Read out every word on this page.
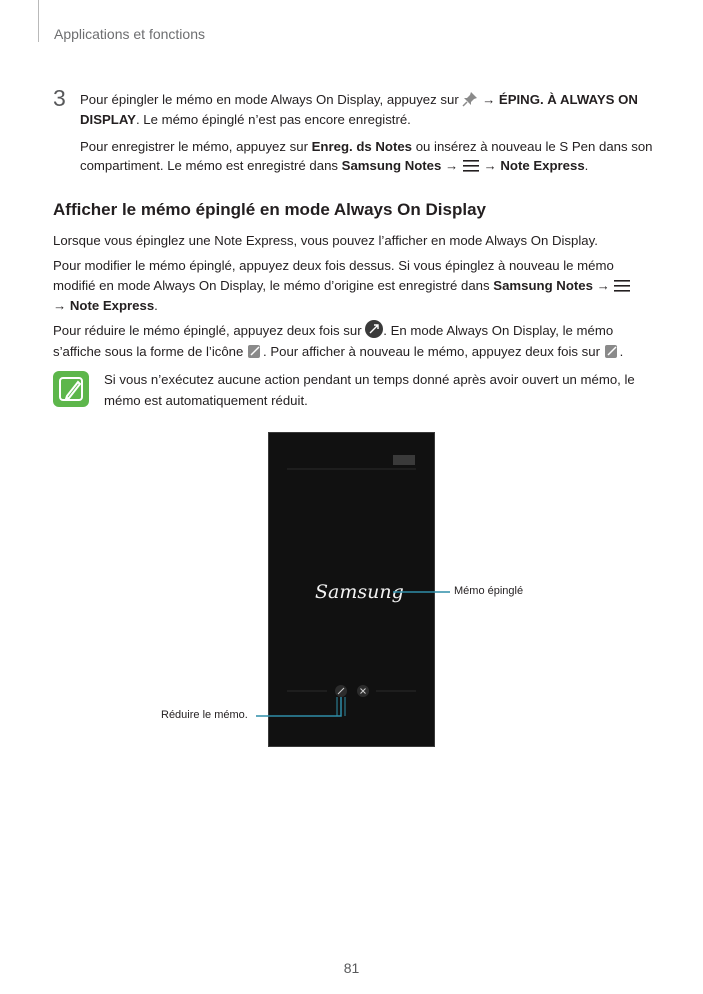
Applications et fonctions
3 Pour épingler le mémo en mode Always On Display, appuyez sur → ÉPING. À ALWAYS ON
DISPLAY. Le mémo épinglé n’est pas encore enregistré.
Pour enregistrer le mémo, appuyez sur Enreg. ds Notes ou insérez à nouveau le S Pen dans son
compartiment. Le mémo est enregistré dans Samsung Notes →  → Note Express.
Afficher le mémo épinglé en mode Always On Display
Lorsque vous épinglez une Note Express, vous pouvez l’afficher en mode Always On Display.
Pour modifier le mémo épinglé, appuyez deux fois dessus. Si vous épinglez à nouveau le mémo
modifié en mode Always On Display, le mémo d’origine est enregistré dans Samsung Notes →
→ Note Express.
Pour réduire le mémo épinglé, appuyez deux fois sur . En mode Always On Display, le mémo
s’affiche sous la forme de l’icône . Pour afficher à nouveau le mémo, appuyez deux fois sur .
Si vous n’exécutez aucune action pendant un temps donné après avoir ouvert un mémo, le
mémo est automatiquement réduit.
Samsung	Mémo épinglé
Réduire le mémo.
81
